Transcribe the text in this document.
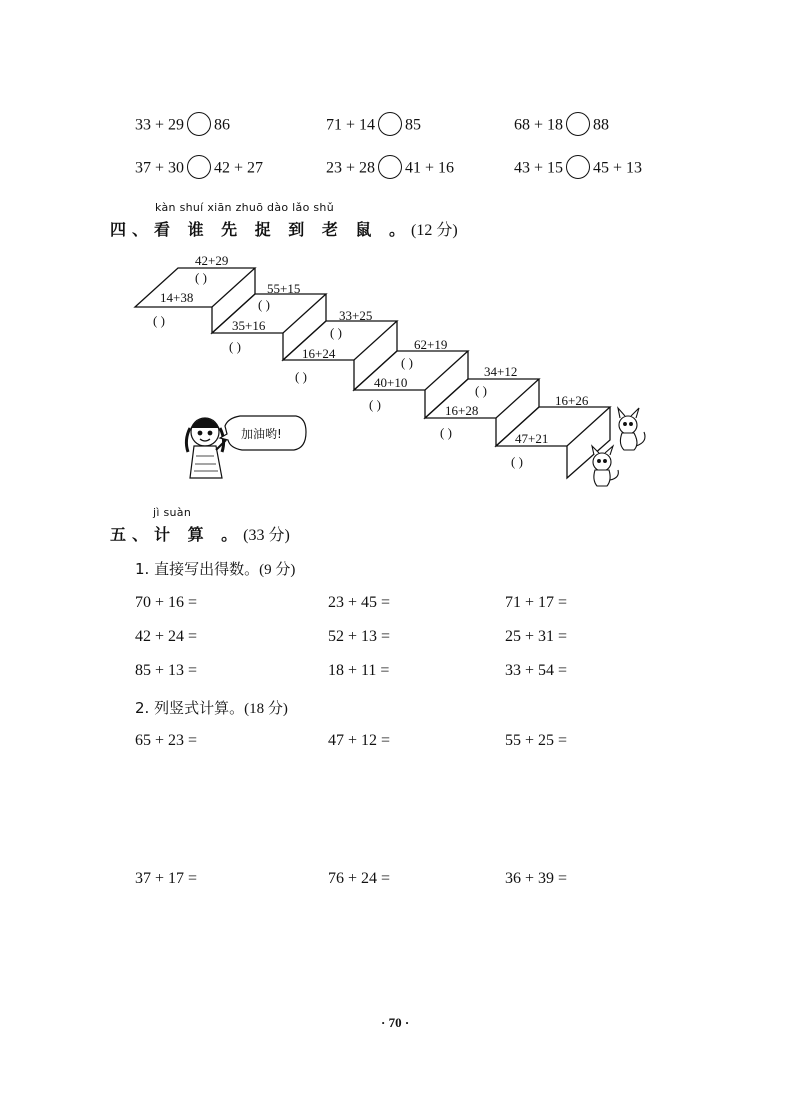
33 + 29 86	71 + 14 85	68 + 18 88
37 + 30 42 + 27	23 + 28 41 + 16	43 + 15 45 + 13
kàn shuí xiān zhuō dào lǎo shǔ
四、看 谁 先 捉 到 老 鼠 。(12 分)
42+29
( )
14+38
( )
55+15
( )
35+16
( )
33+25
( )
16+24
( )
62+19
( )
40+10
( )
34+12
( )
16+28
( )
16+26
47+21
( )
加油哟!
jì suàn
五、计 算 。(33 分)
1. 直接写出得数。(9 分)
70 + 16 =	23 + 45 =	71 + 17 =
42 + 24 =	52 + 13 =	25 + 31 =
85 + 13 =	18 + 11 =	33 + 54 =
2. 列竖式计算。(18 分)
65 + 23 =	47 + 12 =	55 + 25 =
37 + 17 =	76 + 24 =	36 + 39 =
· 70 ·
